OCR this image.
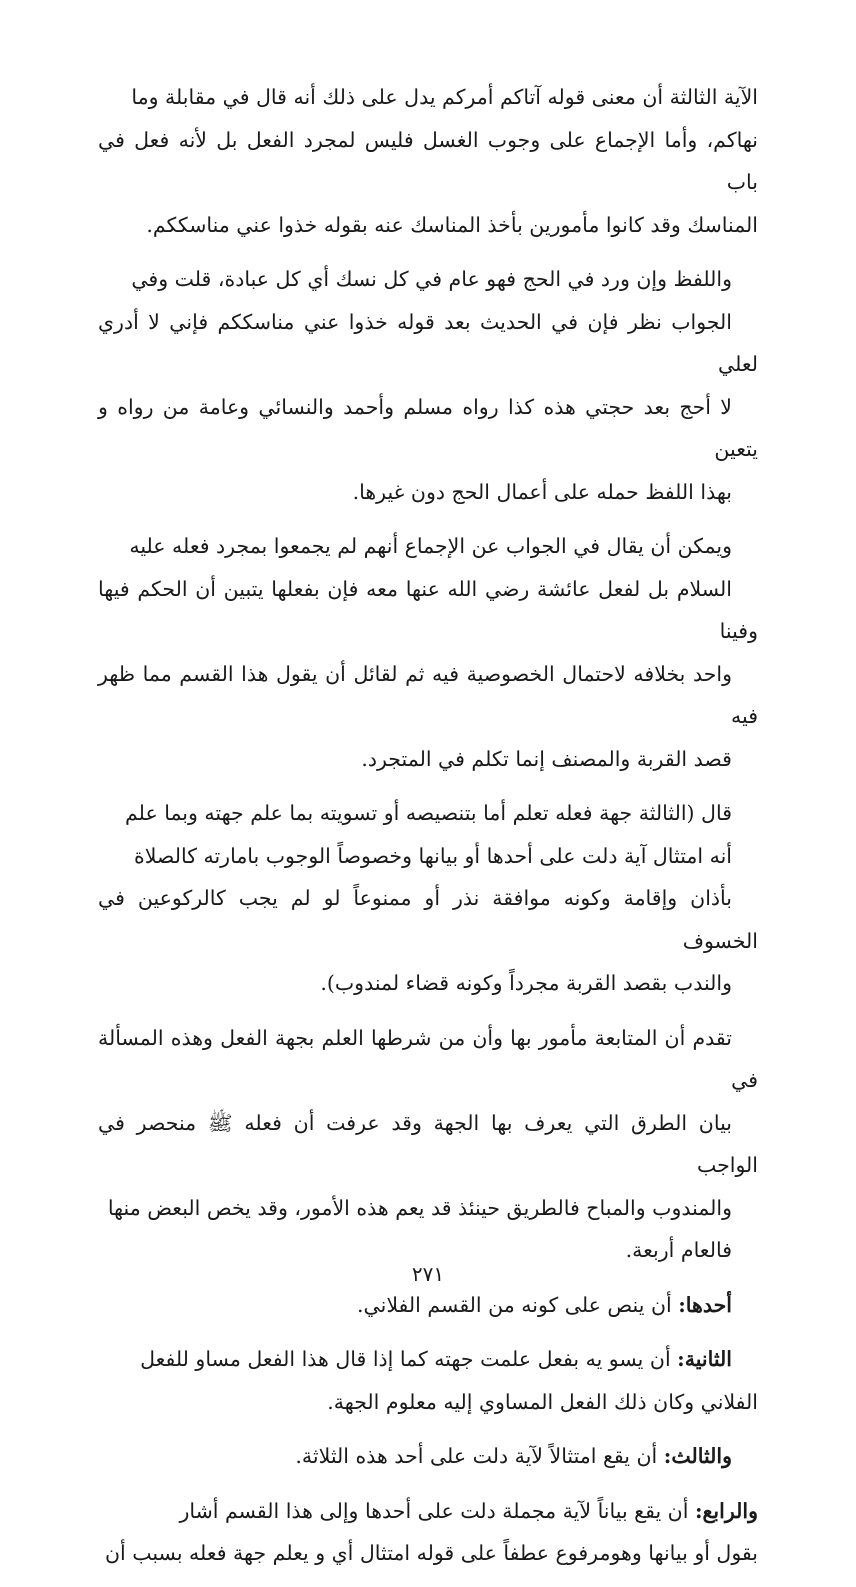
الآية الثالثة أن معنى قوله آتاكم أمركم يدل على ذلك أنه قال في مقابلة وما
نهاكم، وأما الإجماع على وجوب الغسل فليس لمجرد الفعل بل لأنه فعل في باب
المناسك وقد كانوا مأمورين بأخذ المناسك عنه بقوله خذوا عني مناسككم.

واللفظ وإن ورد في الحج فهو عام في كل نسك أي كل عبادة، قلت وفي
الجواب نظر فإن في الحديث بعد قوله خذوا عني مناسككم فإني لا أدري لعلي
لا أحج بعد حجتي هذه كذا رواه مسلم وأحمد والنسائي وعامة من رواه و يتعين
بهذا اللفظ حمله على أعمال الحج دون غيرها.

ويمكن أن يقال في الجواب عن الإجماع أنهم لم يجمعوا بمجرد فعله عليه
السلام بل لفعل عائشة رضي الله عنها معه فإن بفعلها يتبين أن الحكم فيها وفينا
واحد بخلافه لاحتمال الخصوصية فيه ثم لقائل أن يقول هذا القسم مما ظهر فيه
قصد القربة والمصنف إنما تكلم في المتجرد.

قال (الثالثة جهة فعله تعلم أما بتنصيصه أو تسويته بما علم جهته وبما علم
أنه امتثال آية دلت على أحدها أو بيانها وخصوصاً الوجوب بامارته كالصلاة
بأذان وإقامة وكونه موافقة نذر أو ممنوعاً لو لم يجب كالركوعين في الخسوف
والندب بقصد القربة مجرداً وكونه قضاء لمندوب).

تقدم أن المتابعة مأمور بها وأن من شرطها العلم بجهة الفعل وهذه المسألة في
بيان الطرق التي يعرف بها الجهة وقد عرفت أن فعله ﷺ منحصر في الواجب
والمندوب والمباح فالطريق حينئذ قد يعم هذه الأمور، وقد يخص البعض منها
فالعام أربعة.

أحدها: أن ينص على كونه من القسم الفلاني.

الثانية: أن يسو يه بفعل علمت جهته كما إذا قال هذا الفعل مساو للفعل
الفلاني وكان ذلك الفعل المساوي إليه معلوم الجهة.

والثالث: أن يقع امتثالاً لآية دلت على أحد هذه الثلاثة.

والرابع: أن يقع بياناً لآية مجملة دلت على أحدها وإلى هذا القسم أشار
بقول أو بيانها وهومرفوع عطفاً على قوله امتثال أي و يعلم جهة فعله بسبب أن

٢٧١
